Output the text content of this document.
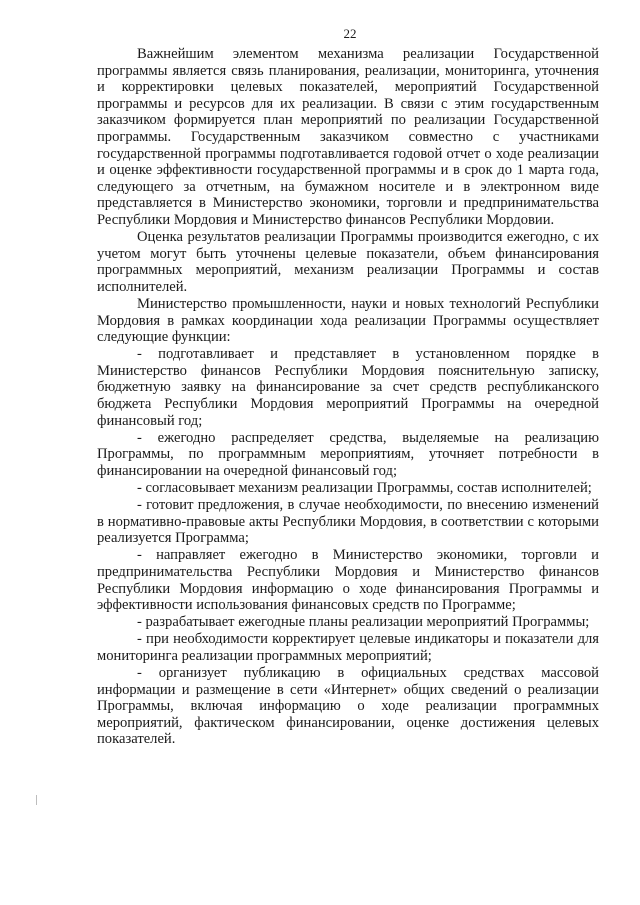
22

Важнейшим элементом механизма реализации Государственной программы является связь планирования, реализации, мониторинга, уточнения и корректировки целевых показателей, мероприятий Государственной программы и ресурсов для их реализации. В связи с этим государственным заказчиком формируется план мероприятий по реализации Государственной программы. Государственным заказчиком совместно с участниками государственной программы подготавливается годовой отчет о ходе реализации и оценке эффективности государственной программы и в срок до 1 марта года, следующего за отчетным, на бумажном носителе и в электронном виде представляется в Министерство экономики, торговли и предпринимательства Республики Мордовия и Министерство финансов Республики Мордовии.

Оценка результатов реализации Программы производится ежегодно, с их учетом могут быть уточнены целевые показатели, объем финансирования программных мероприятий, механизм реализации Программы и состав исполнителей.

Министерство промышленности, науки и новых технологий Республики Мордовия в рамках координации хода реализации Программы осуществляет следующие функции:

- подготавливает и представляет в установленном порядке в Министерство финансов Республики Мордовия пояснительную записку, бюджетную заявку на финансирование за счет средств республиканского бюджета Республики Мордовия мероприятий Программы на очередной финансовый год;

- ежегодно распределяет средства, выделяемые на реализацию Программы, по программным мероприятиям, уточняет потребности в финансировании на очередной финансовый год;

- согласовывает механизм реализации Программы, состав исполнителей;

- готовит предложения, в случае необходимости, по внесению изменений в нормативно-правовые акты Республики Мордовия, в соответствии с которыми реализуется Программа;

- направляет ежегодно в Министерство экономики, торговли и предпринимательства Республики Мордовия и Министерство финансов Республики Мордовия информацию о ходе финансирования Программы и эффективности использования финансовых средств по Программе;

- разрабатывает ежегодные планы реализации мероприятий Программы;

- при необходимости корректирует целевые индикаторы и показатели для мониторинга реализации программных мероприятий;

- организует публикацию в официальных средствах массовой информации и размещение в сети «Интернет» общих сведений о реализации Программы, включая информацию о ходе реализации программных мероприятий, фактическом финансировании, оценке достижения целевых показателей.
